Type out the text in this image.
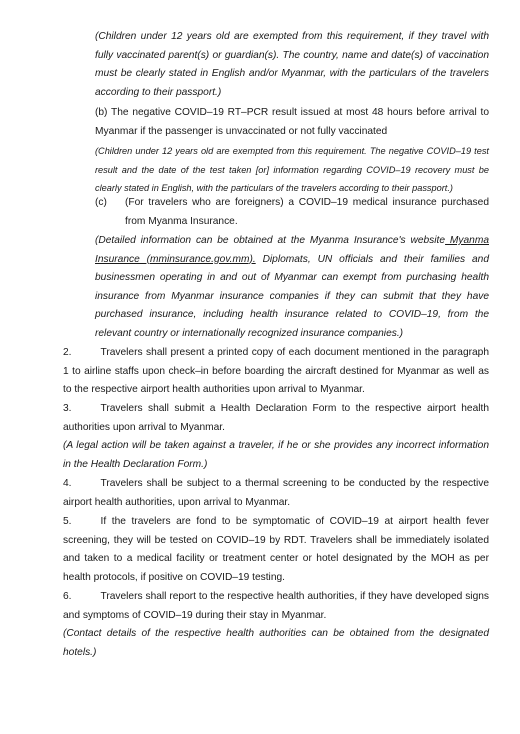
(Children under 12 years old are exempted from this requirement, if they travel with fully vaccinated parent(s) or guardian(s). The country, name and date(s) of vaccination must be clearly stated in English and/or Myanmar, with the particulars of the travelers according to their passport.)

(b) The negative COVID–19 RT–PCR result issued at most 48 hours before arrival to Myanmar if the passenger is unvaccinated or not fully vaccinated

(Children under 12 years old are exempted from this requirement. The negative COVID–19 test result and the date of the test taken [or] information regarding COVID–19 recovery must be clearly stated in English, with the particulars of the travelers according to their passport.)

(c) (For travelers who are foreigners) a COVID–19 medical insurance purchased from Myanma Insurance.

(Detailed information can be obtained at the Myanma Insurance's website Myanma Insurance (mminsurance.gov.mm). Diplomats, UN officials and their families and businessmen operating in and out of Myanmar can exempt from purchasing health insurance from Myanmar insurance companies if they can submit that they have purchased insurance, including health insurance related to COVID–19, from the relevant country or internationally recognized insurance companies.)

2.	Travelers shall present a printed copy of each document mentioned in the paragraph 1 to airline staffs upon check–in before boarding the aircraft destined for Myanmar as well as to the respective airport health authorities upon arrival to Myanmar.

3.	Travelers shall submit a Health Declaration Form to the respective airport health authorities upon arrival to Myanmar.

(A legal action will be taken against a traveler, if he or she provides any incorrect information in the Health Declaration Form.)

4.	Travelers shall be subject to a thermal screening to be conducted by the respective airport health authorities, upon arrival to Myanmar.

5.	If the travelers are fond to be symptomatic of COVID–19 at airport health fever screening, they will be tested on COVID–19 by RDT. Travelers shall be immediately isolated and taken to a medical facility or treatment center or hotel designated by the MOH as per health protocols, if positive on COVID–19 testing.

6.	Travelers shall report to the respective health authorities, if they have developed signs and symptoms of COVID–19 during their stay in Myanmar.

(Contact details of the respective health authorities can be obtained from the designated hotels.)
